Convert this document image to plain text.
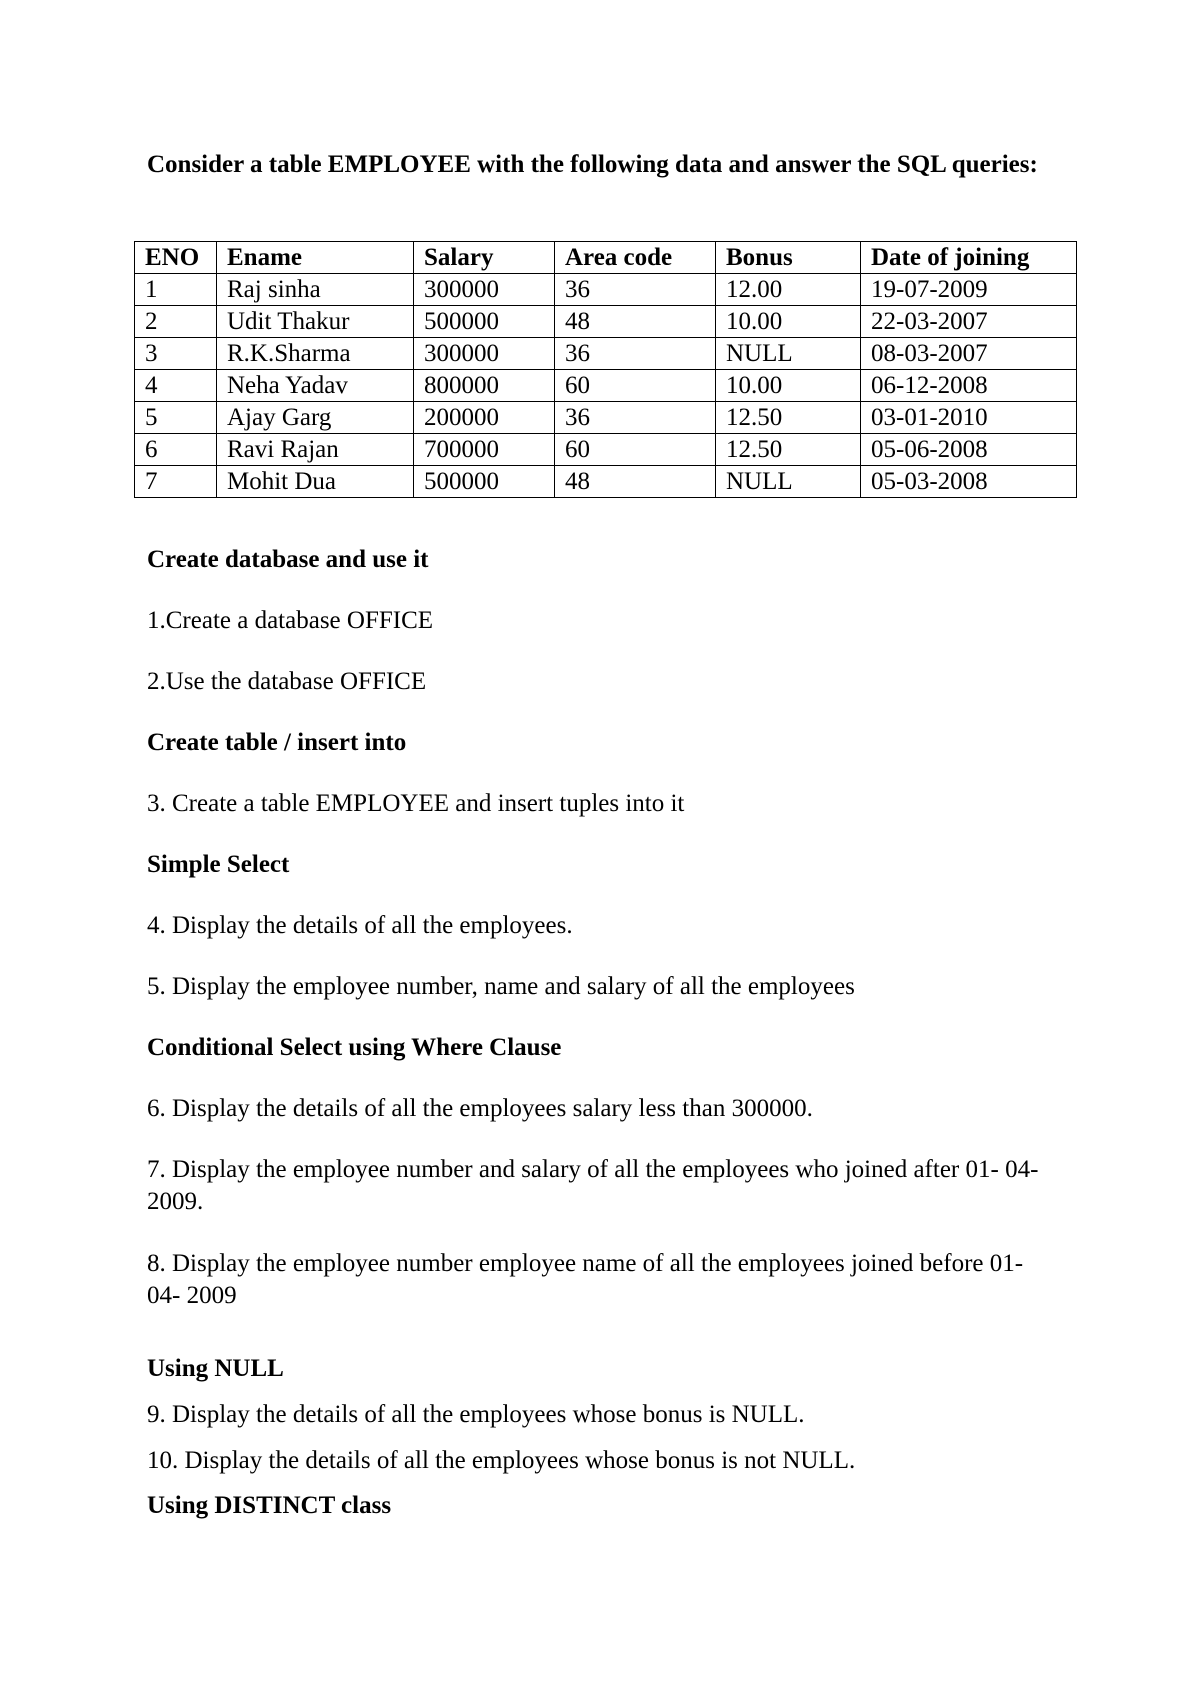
Consider a table EMPLOYEE with the following data and answer the SQL queries:
ENO	Ename	Salary	Area code	Bonus	Date of joining
1	Raj sinha	300000	36	12.00	19-07-2009
2	Udit Thakur	500000	48	10.00	22-03-2007
3	R.K.Sharma	300000	36	NULL	08-03-2007
4	Neha Yadav	800000	60	10.00	06-12-2008
5	Ajay Garg	200000	36	12.50	03-01-2010
6	Ravi Rajan	700000	60	12.50	05-06-2008
7	Mohit Dua	500000	48	NULL	05-03-2008
Create database and use it
1.Create a database OFFICE
2.Use the database OFFICE
Create table / insert into
3. Create a table EMPLOYEE and insert tuples into it
Simple Select
4. Display the details of all the employees.
5. Display the employee number, name and salary of all the employees
Conditional Select using Where Clause
6. Display the details of all the employees salary less than 300000.
7. Display the employee number and salary of all the employees who joined after 01- 04- 2009.
8. Display the employee number employee name of all the employees joined before 01- 04- 2009
Using NULL
9. Display the details of all the employees whose bonus is NULL.
10. Display the details of all the employees whose bonus is not NULL.
Using DISTINCT class
